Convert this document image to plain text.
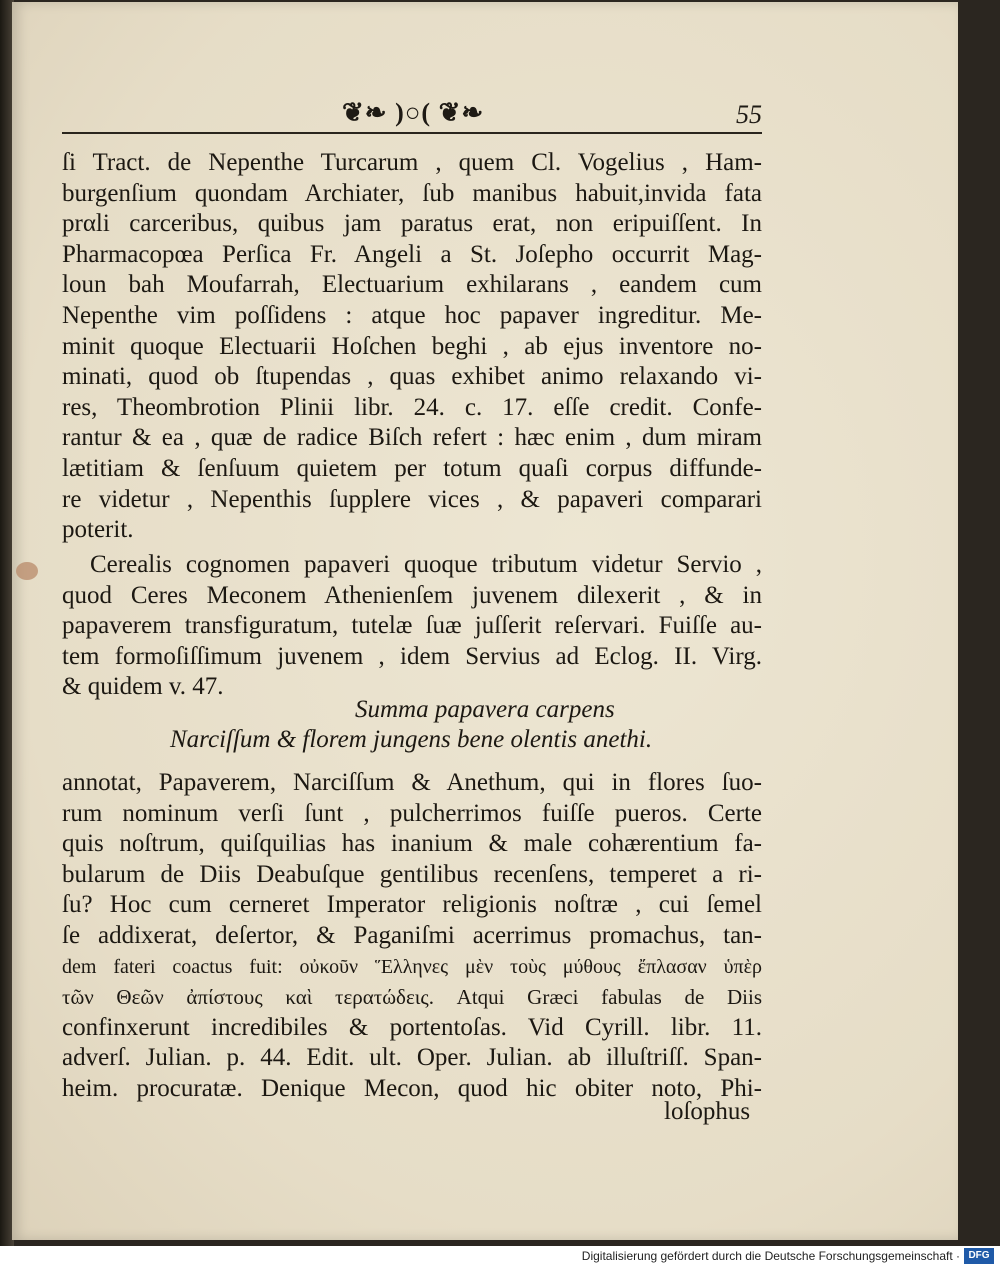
❦❧ )○( ❦❧	55
ſi Tract. de Nepenthe Turcarum , quem Cl. Vogelius , Ham-
burgenſium quondam Archiater, ſub manibus habuit,invida fata
prαli carceribus, quibus jam paratus erat, non eripuiſſent. In
Pharmacopœa Perſica Fr. Angeli a St. Joſepho occurrit Mag-
loun bah Moufarrah, Electuarium exhilarans , eandem cum
Nepenthe vim poſſidens : atque hoc papaver ingreditur. Me-
minit quoque Electuarii Hoſchen beghi , ab ejus inventore no-
minati, quod ob ſtupendas , quas exhibet animo relaxando vi-
res, Theombrotion Plinii libr. 24. c. 17. eſſe credit. Confe-
rantur & ea , quæ de radice Biſch refert : hæc enim , dum miram
lætitiam & ſenſuum quietem per totum quaſi corpus diffunde-
re videtur , Nepenthis ſupplere vices , & papaveri comparari
poterit.
Cerealis cognomen papaveri quoque tributum videtur Servio ,
quod Ceres Meconem Athenienſem juvenem dilexerit , & in
papaverem transfiguratum, tutelæ ſuæ juſſerit reſervari. Fuiſſe au-
tem formoſiſſimum juvenem , idem Servius ad Eclog. II. Virg.
& quidem v. 47.
Summa papavera carpens
Narciſſum & florem jungens bene olentis anethi.
annotat, Papaverem, Narciſſum & Anethum, qui in flores ſuo-
rum nominum verſi ſunt , pulcherrimos fuiſſe pueros. Certe
quis noſtrum, quiſquilias has inanium & male cohærentium fa-
bularum de Diis Deabuſque gentilibus recenſens, temperet a ri-
ſu? Hoc cum cerneret Imperator religionis noſtræ , cui ſemel
ſe addixerat, deſertor, & Paganiſmi acerrimus promachus, tan-
dem fateri coactus fuit: οὐκοῦν Ἕλληνες μὲν τοὺς μύθους ἔπλασαν ὑπὲρ
τῶν Θεῶν ἀπίστους καὶ τερατώδεις. Atqui Græci fabulas de Diis
confinxerunt incredibiles & portentoſas. Vid Cyrill. libr. 11.
adverſ. Julian. p. 44. Edit. ult. Oper. Julian. ab illuſtriſſ. Span-
heim. procuratæ. Denique Mecon, quod hic obiter noto, Phi-
loſophus
Digitalisierung gefördert durch die Deutsche Forschungsgemeinschaft · DFG
